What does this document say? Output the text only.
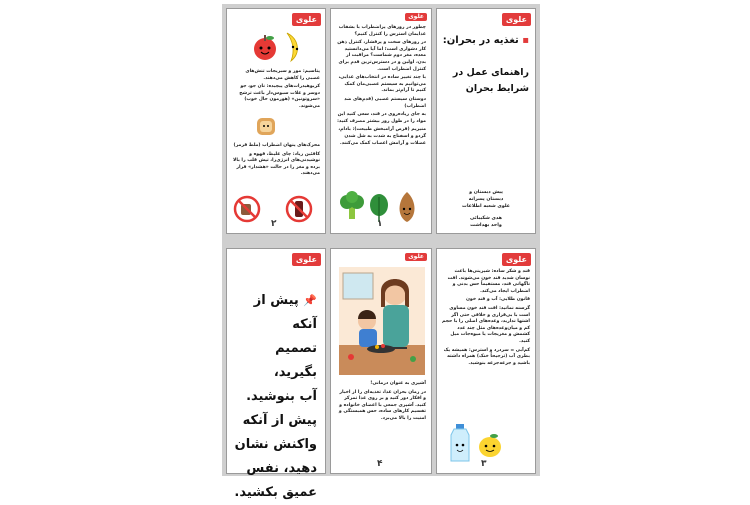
علوی

چطور در روزهای پراضطراب با بشقاب غذایمان استرس را کنترل کنیم؟

در روزهای سخت و پرفشار، کنترل ذهن کار دشواری است؛ اما آیا می‌دانستید معده، مغز دوم شماست؟ مراقبت از بدن، اولین و در دسترس‌ترین قدم برای کنترل اضطراب است.

با چند تغییر ساده در انتخاب‌های غذایی، می‌توانیم به سیستم عصبی‌مان کمک کنیم تا آرام‌تر بماند.

دوستان سیستم عصبی (قدم‌های ضد اضطراب)

به جای زیاده‌روی در قند، سعی کنید این مواد را در طول روز بیشتر مصرف کنید:

منیزیم (قرص آرامبخش طبیعت): بادام، گردو و اسفناج به شدت به شل شدن عضلات و آرامش اعصاب کمک می‌کنند.

۱
علوی

پتاسیم: موز و سبزیجات تنش‌های عصبی را کاهش می‌دهند.

کربوهیدرات‌های پیچیده: نان جو، جو دوسر و غلات سبوس‌دار باعث ترشح «سروتونین» (هورمون حال خوب) می‌شوند.

محرک‌های پنهان اضطراب (ملط قرمز)

کافئین زیاد: چای غلیظ، قهوه و نوشیدنی‌های انرژی‌زا، تپش قلب را بالا برده و مغز را در حالت «هشدار» قرار می‌دهند.

۲
علوی
▪ تغذیه در بحران:
راهنمای عمل در شرایط بحران
پیش دبستان و
دبستان پسرانه
علوی شعبه اطلاعات
هدی شکیبائی
واحد بهداشت
علوی
📌 پیش از آنکه
تصمیم بگیرید،
آب بنوشید.
پیش از آنکه
واکنش نشان
دهید، نفس
عمیق بکشید.
علوی

آشپزی به عنوان درمانی!

در زمان بحران غذا، تغذیه‌ای را از اخبار و افکار دور کنید و بر روی غذا تمرکز کنید. آشپزی جمعی با اعضای خانواده و تقسیم کارهای ساده، حس همبستگی و امنیت را بالا می‌برد.

۴
علوی

قند و شکر ساده: شیرینی‌ها باعث نوسان شدید قند خون می‌شوند. افت ناگهانی قند، مستقیماً حس بدنی و اضطراب ایجاد می‌کند.

قانون طلایی: آب و قند خون

گرسنه نمانید: افت قند خون مساوی است با بی‌قراری و خلاقی حتی اگر اشتها ندارید، وعده‌های اصلی را با حجم کم و میان‌وعده‌های مثل چند عدد کشمش و مغزیجات یا میوه‌جات میل کنید.

کم‌آبی = سردرد و استرس: همیشه یک بطری آب (ترجیحاً خنک) همراه داشته باشید و جرعه‌جرعه بنوشید.

۳
